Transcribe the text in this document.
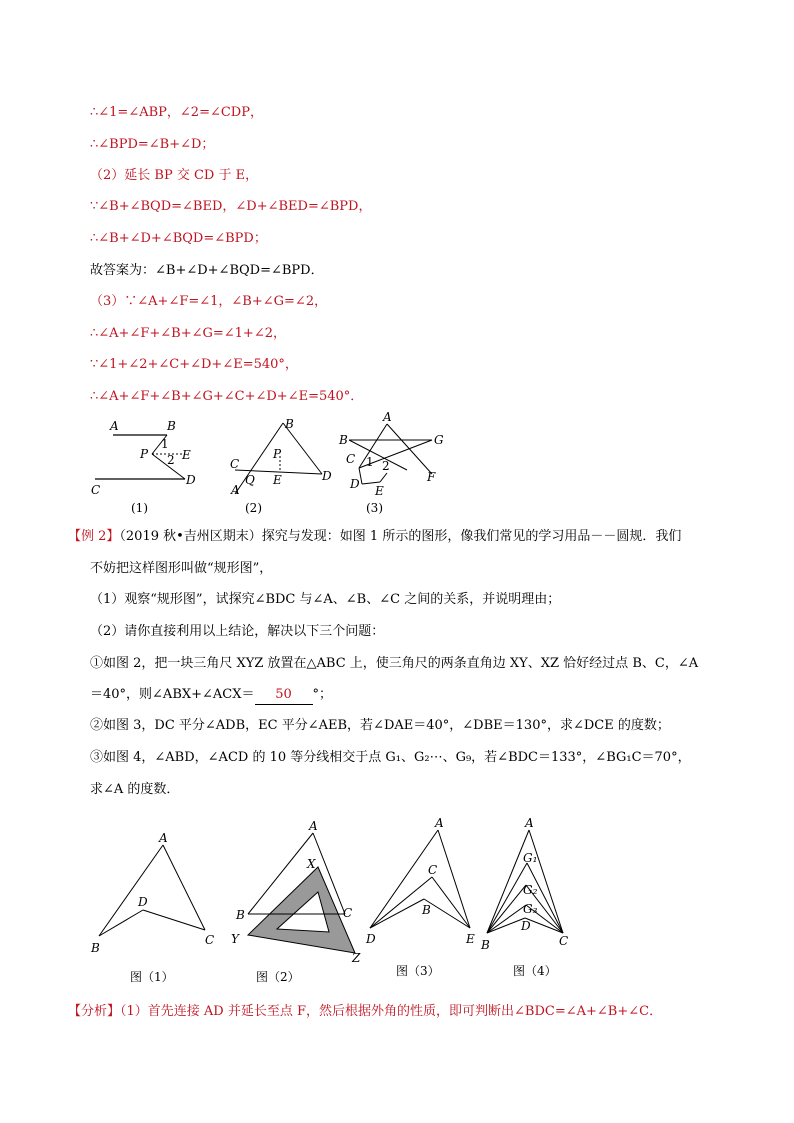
∴∠1=∠ABP，∠2=∠CDP，
∴∠BPD=∠B+∠D；
（2）延长 BP 交 CD 于 E，
∵∠B+∠BQD=∠BED，∠D+∠BED=∠BPD，
∴∠B+∠D+∠BQD=∠BPD；
故答案为：∠B+∠D+∠BQD=∠BPD．
（3）∵∠A+∠F=∠1，∠B+∠G=∠2，
∴∠A+∠F+∠B+∠G=∠1+∠2，
∵∠1+∠2+∠C+∠D+∠E=540°，
∴∠A+∠F+∠B+∠G+∠C+∠D+∠E=540°．
A	B
1
P 2 E
C
D
(1)
B
P
C
Q E	D
A
(2)
A
B	G
C 1 2
D E
F
(3)
【例 2】（2019 秋•吉州区期末）探究与发现：如图 1 所示的图形，像我们常见的学习用品－－圆规．我们
不妨把这样图形叫做“规形图”，
（1）观察“规形图”，试探究∠BDC 与∠A、∠B、∠C 之间的关系，并说明理由；
（2）请你直接利用以上结论，解决以下三个问题：
①如图 2，把一块三角尺 XYZ 放置在△ABC 上，使三角尺的两条直角边 XY、XZ 恰好经过点 B、C，∠A
＝40°，则∠ABX+∠ACX＝ 50 °；
②如图 3，DC 平分∠ADB，EC 平分∠AEB，若∠DAE＝40°，∠DBE＝130°，求∠DCE 的度数；
③如图 4，∠ABD，∠ACD 的 10 等分线相交于点 G₁、G₂⋯、G₉，若∠BDC＝133°，∠BG₁C＝70°，
求∠A 的度数．
A
D
B
C
图（1）
A
X
B	C
Y
Z
图（2）
A
C
B
D	E
图（3）
A
G₁
G₂
G₃
D
B	C
图（4）
【分析】（1）首先连接 AD 并延长至点 F，然后根据外角的性质，即可判断出∠BDC=∠A+∠B+∠C．
